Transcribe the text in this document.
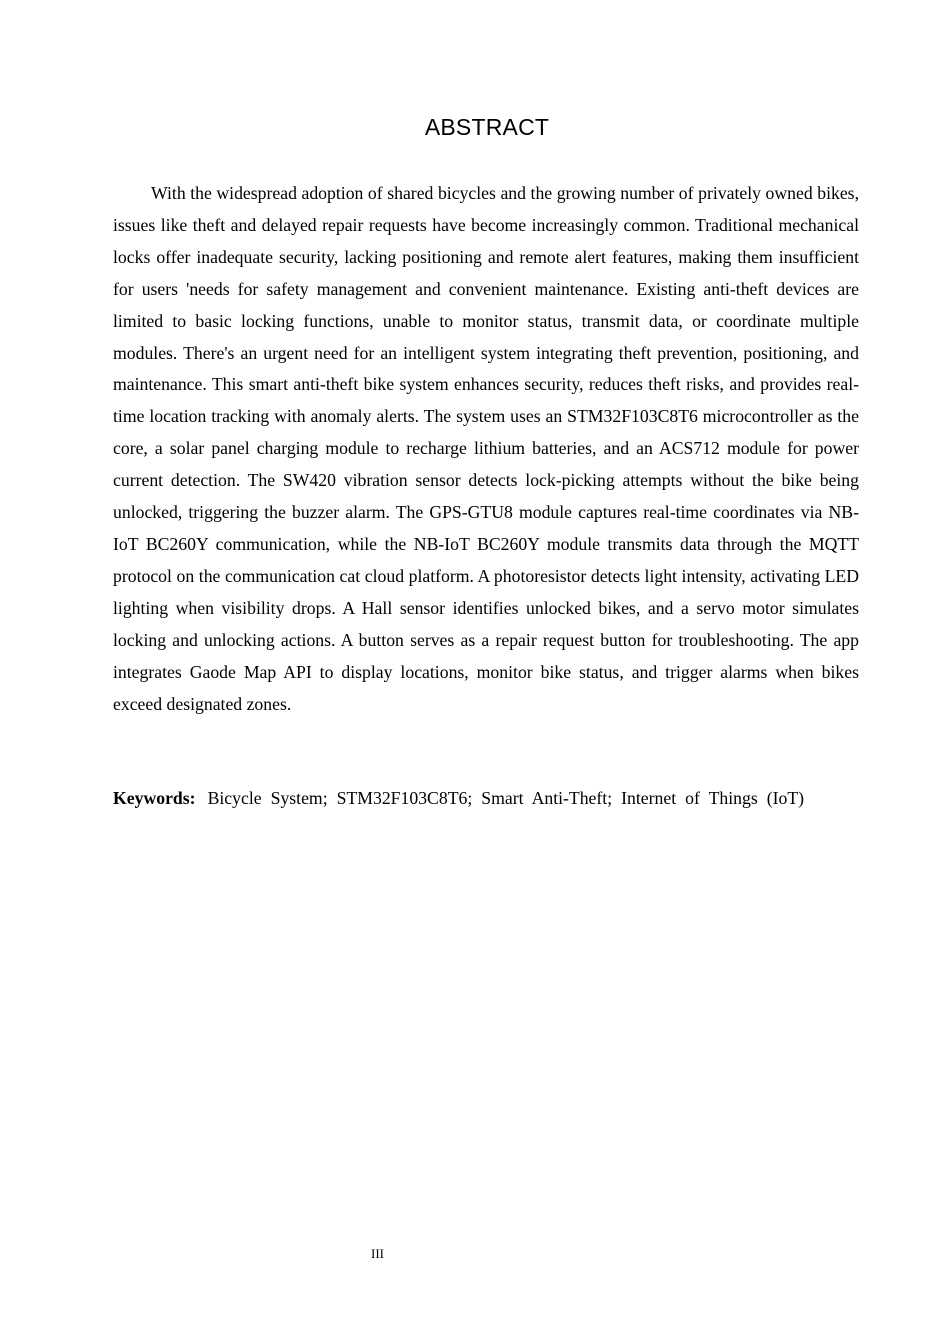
ABSTRACT

With the widespread adoption of shared bicycles and the growing number of privately owned bikes, issues like theft and delayed repair requests have become increasingly common. Traditional mechanical locks offer inadequate security, lacking positioning and remote alert features, making them insufficient for users 'needs for safety management and convenient maintenance. Existing anti-theft devices are limited to basic locking functions, unable to monitor status, transmit data, or coordinate multiple modules. There's an urgent need for an intelligent system integrating theft prevention, positioning, and maintenance. This smart anti-theft bike system enhances security, reduces theft risks, and provides real-time location tracking with anomaly alerts. The system uses an STM32F103C8T6 microcontroller as the core, a solar panel charging module to recharge lithium batteries, and an ACS712 module for power current detection. The SW420 vibration sensor detects lock-picking attempts without the bike being unlocked, triggering the buzzer alarm. The GPS-GTU8 module captures real-time coordinates via NB-IoT BC260Y communication, while the NB-IoT BC260Y module transmits data through the MQTT protocol on the communication cat cloud platform. A photoresistor detects light intensity, activating LED lighting when visibility drops. A Hall sensor identifies unlocked bikes, and a servo motor simulates locking and unlocking actions. A button serves as a repair request button for troubleshooting. The app integrates Gaode Map API to display locations, monitor bike status, and trigger alarms when bikes exceed designated zones.

Keywords: Bicycle System; STM32F103C8T6; Smart Anti-Theft; Internet of Things (IoT)
III
